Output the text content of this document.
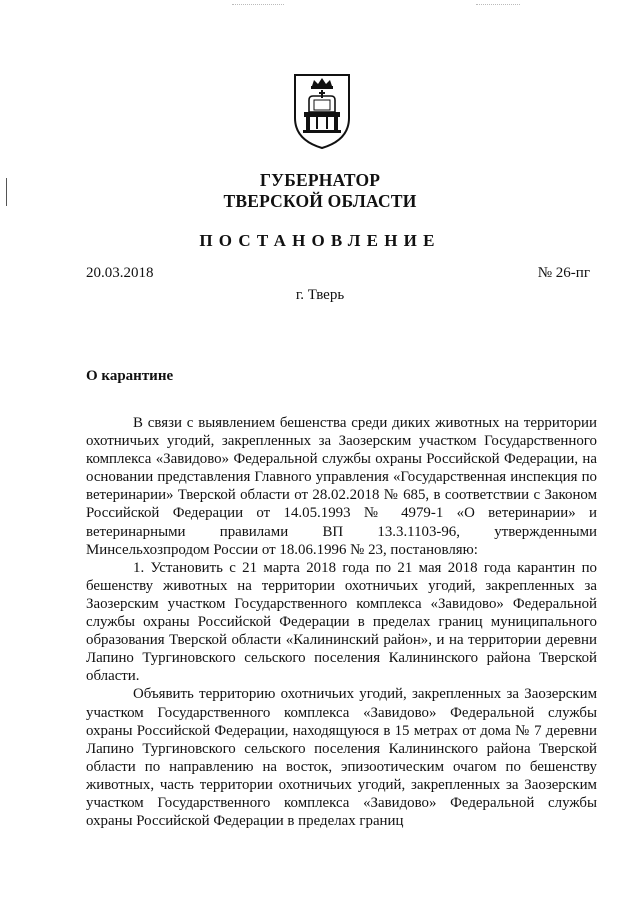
ГУБЕРНАТОР
ТВЕРСКОЙ ОБЛАСТИ
ПОСТАНОВЛЕНИЕ
20.03.2018	№ 26-пг
г. Тверь
О карантине

В связи с выявлением бешенства среди диких животных на территории охотничьих угодий, закрепленных за Заозерским участком Государственного комплекса «Завидово» Федеральной службы охраны Российской Федерации, на основании представления Главного управления «Государственная инспекция по ветеринарии» Тверской области от 28.02.2018 № 685, в соответствии с Законом Российской Федерации от 14.05.1993 № 4979-1 «О ветеринарии» и ветеринарными правилами ВП 13.3.1103-96, утвержденными Минсельхозпродом России от 18.06.1996 № 23, постановляю:

1. Установить с 21 марта 2018 года по 21 мая 2018 года карантин по бешенству животных на территории охотничьих угодий, закрепленных за Заозерским участком Государственного комплекса «Завидово» Федеральной службы охраны Российской Федерации в пределах границ муниципального образования Тверской области «Калининский район», и на территории деревни Лапино Тургиновского сельского поселения Калининского района Тверской области.

Объявить территорию охотничьих угодий, закрепленных за Заозерским участком Государственного комплекса «Завидово» Федеральной службы охраны Российской Федерации, находящуюся в 15 метрах от дома № 7 деревни Лапино Тургиновского сельского поселения Калининского района Тверской области по направлению на восток, эпизоотическим очагом по бешенству животных, часть территории охотничьих угодий, закрепленных за Заозерским участком Государственного комплекса «Завидово» Федеральной службы охраны Российской Федерации в пределах границ
